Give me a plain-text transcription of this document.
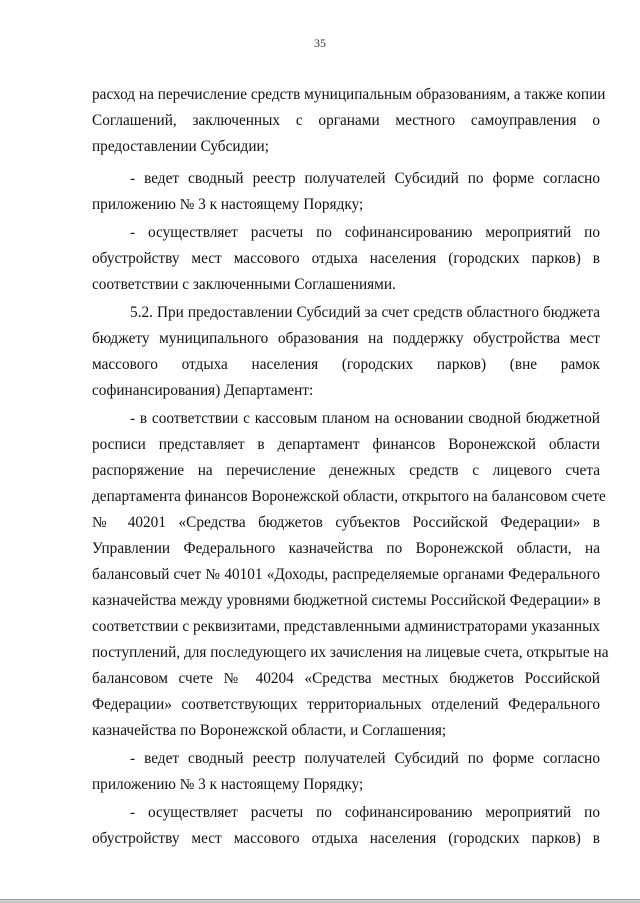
35
расход на перечисление средств муниципальным образованиям, а также копии
Соглашений, заключенных с органами местного самоуправления о
предоставлении Субсидии;
- ведет сводный реестр получателей Субсидий по форме согласно
приложению № 3 к настоящему Порядку;
- осуществляет расчеты по софинансированию мероприятий по
обустройству мест массового отдыха населения (городских парков) в
соответствии с заключенными Соглашениями.
5.2. При предоставлении Субсидий за счет средств областного бюджета
бюджету муниципального образования на поддержку обустройства мест
массового отдыха населения (городских парков) (вне рамок
софинансирования) Департамент:
- в соответствии с кассовым планом на основании сводной бюджетной
росписи представляет в департамент финансов Воронежской области
распоряжение на перечисление денежных средств с лицевого счета
департамента финансов Воронежской области, открытого на балансовом счете
№ 40201 «Средства бюджетов субъектов Российской Федерации» в
Управлении Федерального казначейства по Воронежской области, на
балансовый счет № 40101 «Доходы, распределяемые органами Федерального
казначейства между уровнями бюджетной системы Российской Федерации» в
соответствии с реквизитами, представленными администраторами указанных
поступлений, для последующего их зачисления на лицевые счета, открытые на
балансовом счете № 40204 «Средства местных бюджетов Российской
Федерации» соответствующих территориальных отделений Федерального
казначейства по Воронежской области, и Соглашения;
- ведет сводный реестр получателей Субсидий по форме согласно
приложению № 3 к настоящему Порядку;
- осуществляет расчеты по софинансированию мероприятий по
обустройству мест массового отдыха населения (городских парков) в
